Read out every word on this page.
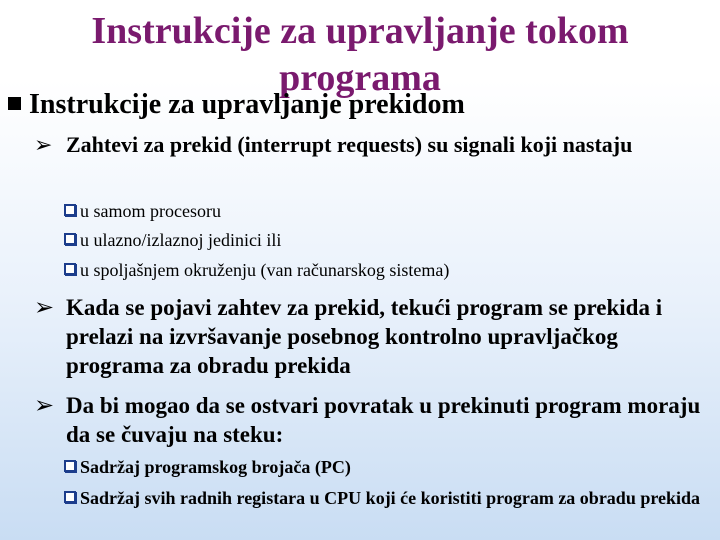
Instrukcije za upravljanje tokom programa
Instrukcije za upravljanje prekidom
➢ Zahtevi za prekid (interrupt requests) su signali koji nastaju
u samom procesoru
u ulazno/izlaznoj jedinici ili
u spoljašnjem okruženju (van računarskog sistema)
➢ Kada se pojavi zahtev za prekid, tekući program se prekida i prelazi na izvršavanje posebnog kontrolno upravljačkog programa za obradu prekida
➢ Da bi mogao da se ostvari povratak u prekinuti program moraju da se čuvaju na steku:
Sadržaj programskog brojača (PC)
Sadržaj svih radnih registara u CPU koji će koristiti program za obradu prekida
